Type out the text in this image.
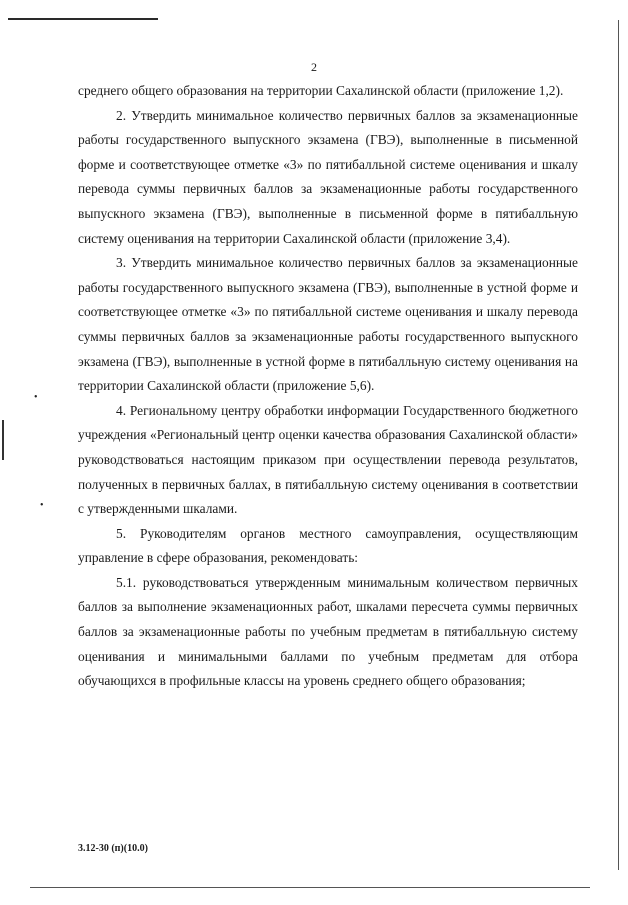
•
•
2

среднего общего образования на территории Сахалинской области (приложение 1,2).

2. Утвердить минимальное количество первичных баллов за экзаменационные работы государственного выпускного экзамена (ГВЭ), выполненные в письменной форме и соответствующее отметке «3» по пятибалльной системе оценивания и шкалу перевода суммы первичных баллов за экзаменационные работы государственного выпускного экзамена (ГВЭ), выполненные в письменной форме в пятибалльную систему оценивания на территории Сахалинской области (приложение 3,4).

3. Утвердить минимальное количество первичных баллов за экзаменационные работы государственного выпускного экзамена (ГВЭ), выполненные в устной форме и соответствующее отметке «3» по пятибалльной системе оценивания и шкалу перевода суммы первичных баллов за экзаменационные работы государственного выпускного экзамена (ГВЭ), выполненные в устной форме в пятибалльную систему оценивания на территории Сахалинской области (приложение 5,6).

4. Региональному центру обработки информации Государственного бюджетного учреждения «Региональный центр оценки качества образования Сахалинской области» руководствоваться настоящим приказом при осуществлении перевода результатов, полученных в первичных баллах, в пятибалльную систему оценивания в соответствии с утвержденными шкалами.

5. Руководителям органов местного самоуправления, осуществляющим управление в сфере образования, рекомендовать:

5.1. руководствоваться утвержденным минимальным количеством первичных баллов за выполнение экзаменационных работ, шкалами пересчета суммы первичных баллов за экзаменационные работы по учебным предметам в пятибалльную систему оценивания и минимальными баллами по учебным предметам для отбора обучающихся в профильные классы на уровень среднего общего образования;

3.12-30 (п)(10.0)
